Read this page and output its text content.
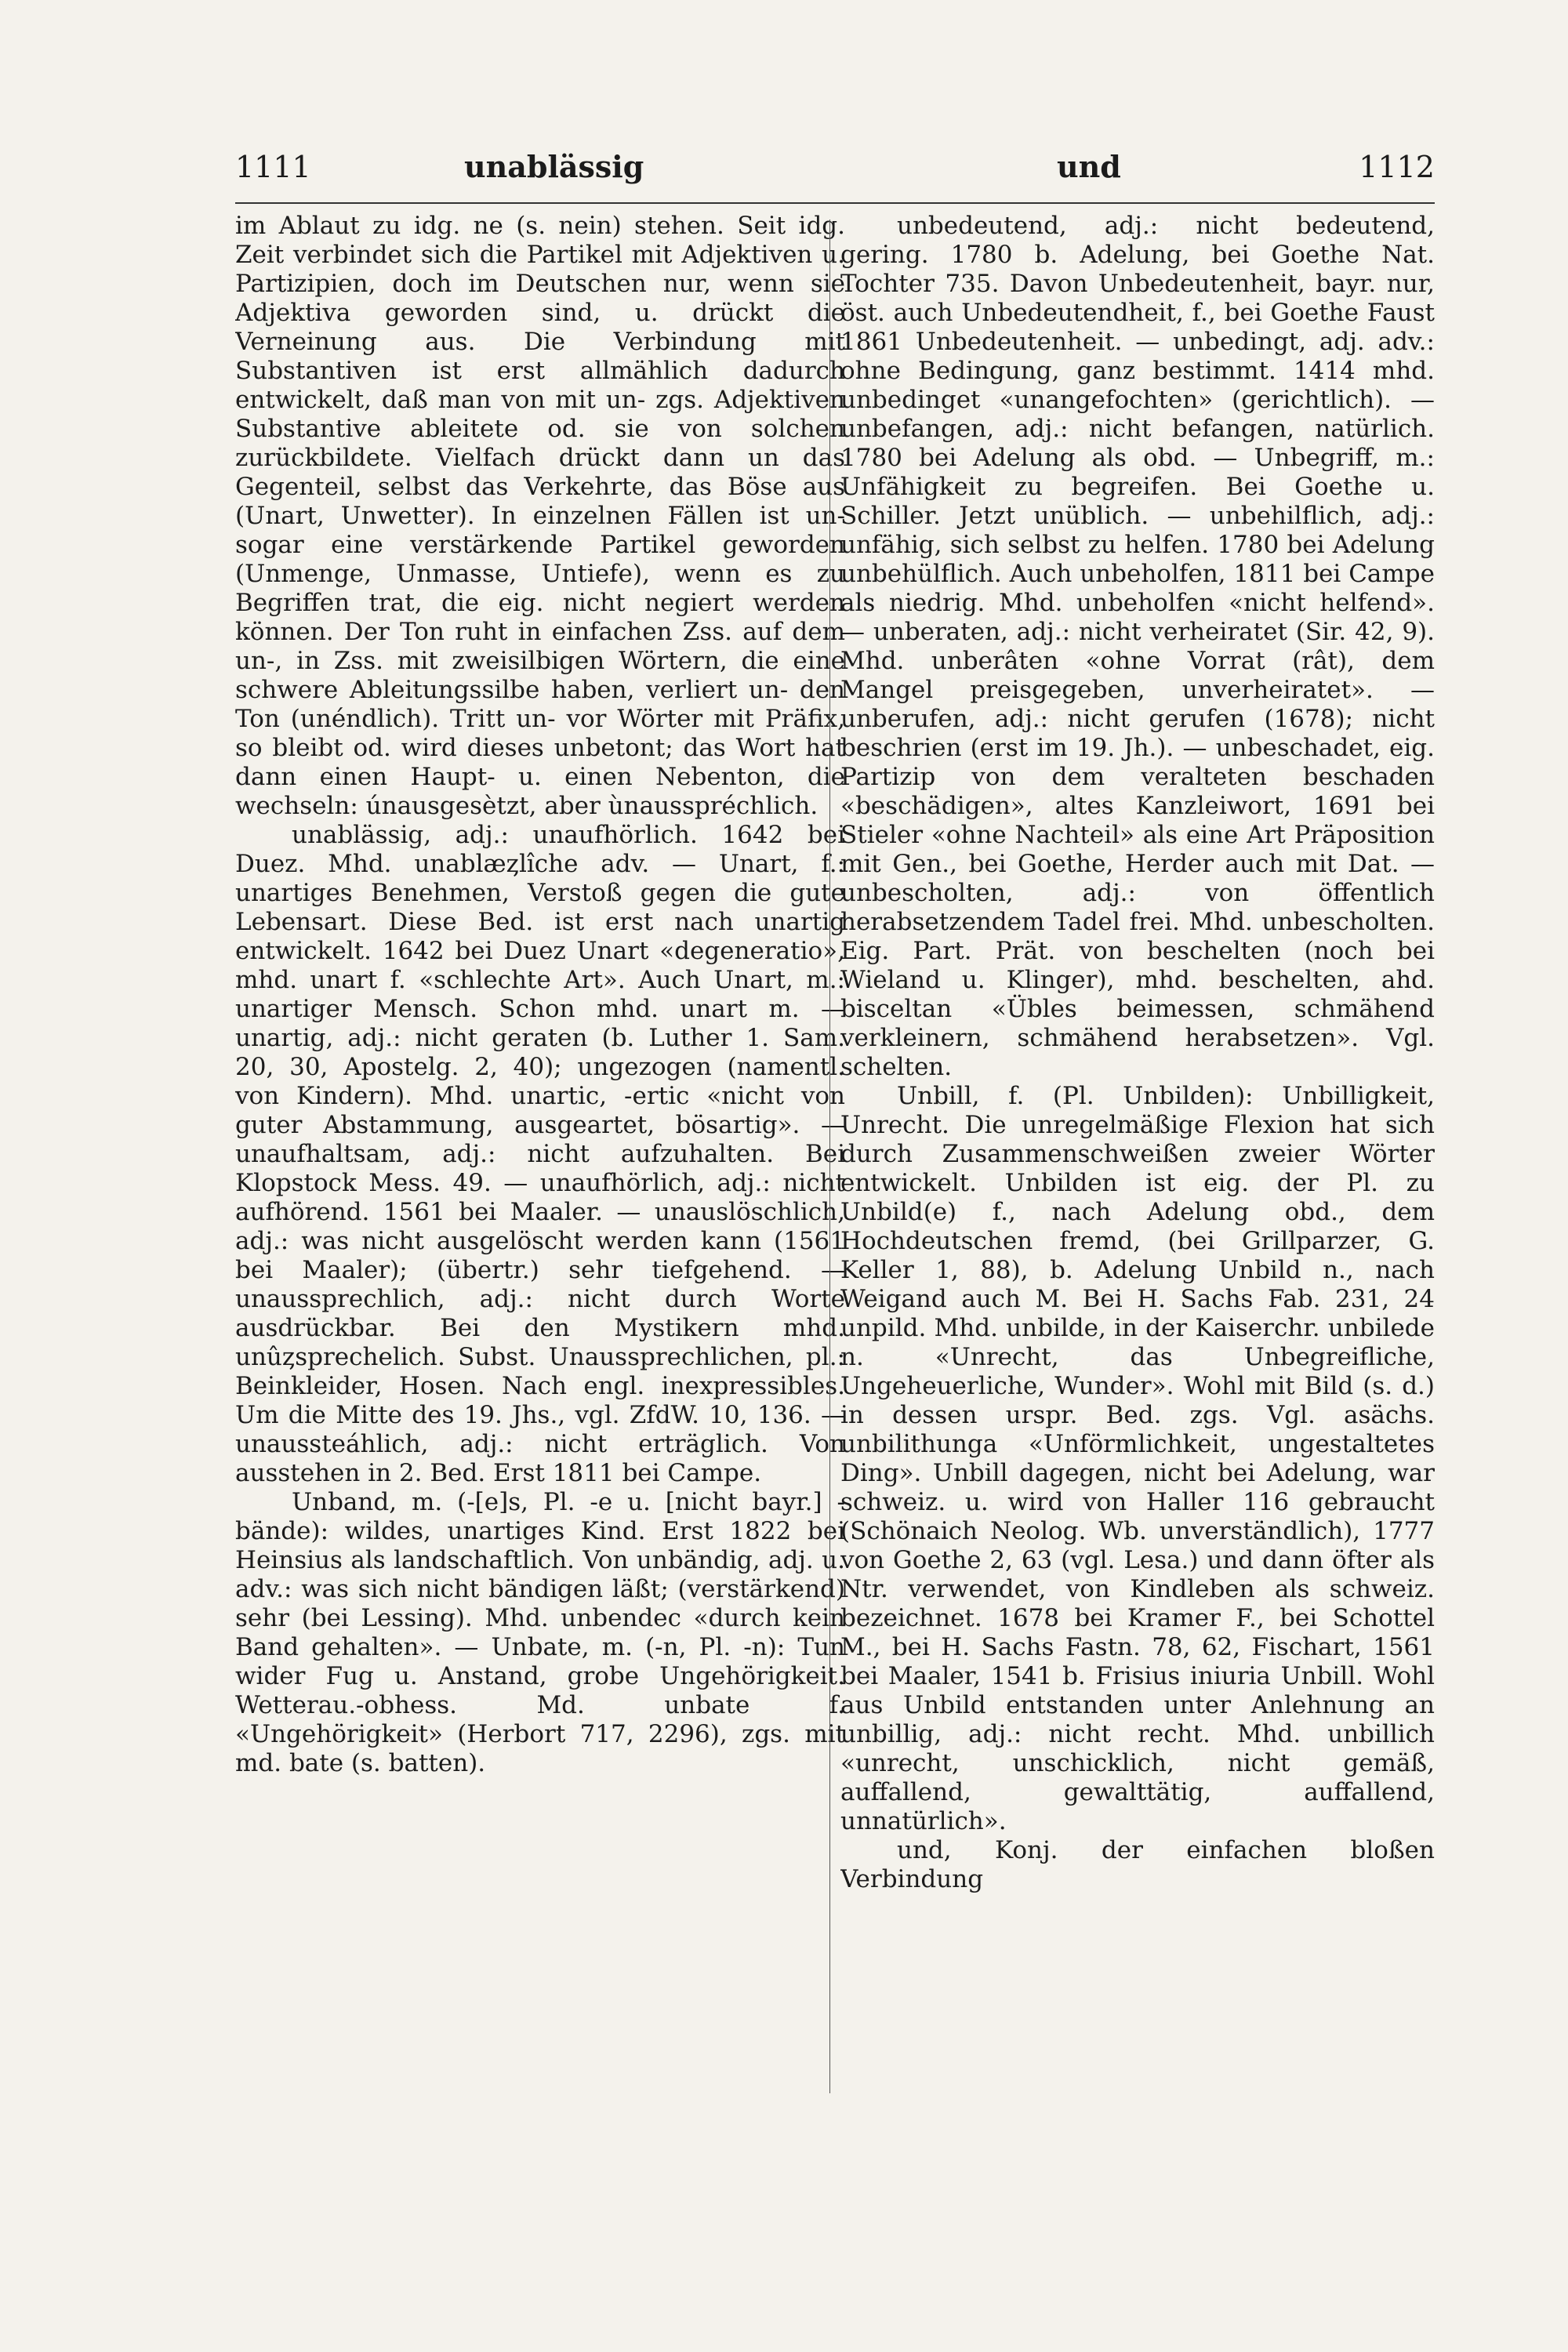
1111	unablässig	und	1112

im Ablaut zu idg. ne (s. nein) stehen. Seit idg. Zeit verbindet sich die Partikel mit Adjektiven u. Partizipien, doch im Deutschen nur, wenn sie Adjektiva geworden sind, u. drückt die Verneinung aus. Die Verbindung mit Substantiven ist erst allmählich dadurch entwickelt, daß man von mit un- zgs. Adjektiven Substantive ableitete od. sie von solchen zurückbildete. Vielfach drückt dann un das Gegenteil, selbst das Verkehrte, das Böse aus (Unart, Unwetter). In einzelnen Fällen ist un- sogar eine verstärkende Partikel geworden (Unmenge, Unmasse, Untiefe), wenn es zu Begriffen trat, die eig. nicht negiert werden können. Der Ton ruht in einfachen Zss. auf dem un-, in Zss. mit zweisilbigen Wörtern, die eine schwere Ableitungssilbe haben, verliert un- den Ton (unéndlich). Tritt un- vor Wörter mit Präfix, so bleibt od. wird dieses unbetont; das Wort hat dann einen Haupt- u. einen Nebenton, die wechseln: únausgesètzt, aber ùnausspréchlich.

unablässig, adj.: unaufhörlich. 1642 bei Duez. Mhd. unablæȥlîche adv. — Unart, f.: unartiges Benehmen, Verstoß gegen die gute Lebensart. Diese Bed. ist erst nach unartig entwickelt. 1642 bei Duez Unart «degeneratio», mhd. unart f. «schlechte Art». Auch Unart, m.: unartiger Mensch. Schon mhd. unart m. — unartig, adj.: nicht geraten (b. Luther 1. Sam. 20, 30, Apostelg. 2, 40); ungezogen (namentl. von Kindern). Mhd. unartic, -ertic «nicht von guter Abstammung, ausgeartet, bösartig». — unaufhaltsam, adj.: nicht aufzuhalten. Bei Klopstock Mess. 49. — unaufhörlich, adj.: nicht aufhörend. 1561 bei Maaler. — unauslöschlich, adj.: was nicht ausgelöscht werden kann (1561 bei Maaler); (übertr.) sehr tiefgehend. — unaussprechlich, adj.: nicht durch Worte ausdrückbar. Bei den Mystikern mhd. unûȥsprechelich. Subst. Unaussprechlichen, pl.: Beinkleider, Hosen. Nach engl. inexpressibles. Um die Mitte des 19. Jhs., vgl. ZfdW. 10, 136. — unaussteáhlich, adj.: nicht erträglich. Von ausstehen in 2. Bed. Erst 1811 bei Campe.

Unband, m. (-[e]s, Pl. -e u. [nicht bayr.] -bände): wildes, unartiges Kind. Erst 1822 bei Heinsius als landschaftlich. Von unbändig, adj. u. adv.: was sich nicht bändigen läßt; (verstärkend) sehr (bei Lessing). Mhd. unbendec «durch kein Band gehalten». — Unbate, m. (-n, Pl. -n): Tun wider Fug u. Anstand, grobe Ungehörigkeit. Wetterau.-obhess. Md. unbate f. «Ungehörigkeit» (Herbort 717, 2296), zgs. mit md. bate (s. batten).

unbedeutend, adj.: nicht bedeutend, gering. 1780 b. Adelung, bei Goethe Nat. Tochter 735. Davon Unbedeutenheit, bayr. nur, öst. auch Unbedeutendheit, f., bei Goethe Faust 1861 Unbedeutenheit. — unbedingt, adj. adv.: ohne Bedingung, ganz bestimmt. 1414 mhd. unbedinget «unangefochten» (gerichtlich). — unbefangen, adj.: nicht befangen, natürlich. 1780 bei Adelung als obd. — Unbegriff, m.: Unfähigkeit zu begreifen. Bei Goethe u. Schiller. Jetzt unüblich. — unbehilflich, adj.: unfähig, sich selbst zu helfen. 1780 bei Adelung unbehülflich. Auch unbeholfen, 1811 bei Campe als niedrig. Mhd. unbeholfen «nicht helfend». — unberaten, adj.: nicht verheiratet (Sir. 42, 9). Mhd. unberâten «ohne Vorrat (rât), dem Mangel preisgegeben, unverheiratet». — unberufen, adj.: nicht gerufen (1678); nicht beschrien (erst im 19. Jh.). — unbeschadet, eig. Partizip von dem veralteten beschaden «beschädigen», altes Kanzleiwort, 1691 bei Stieler «ohne Nachteil» als eine Art Präposition mit Gen., bei Goethe, Herder auch mit Dat. — unbescholten, adj.: von öffentlich herabsetzendem Tadel frei. Mhd. unbescholten. Eig. Part. Prät. von beschelten (noch bei Wieland u. Klinger), mhd. beschelten, ahd. bisceltan «Übles beimessen, schmähend verkleinern, schmähend herabsetzen». Vgl. schelten.

Unbill, f. (Pl. Unbilden): Unbilligkeit, Unrecht. Die unregelmäßige Flexion hat sich durch Zusammenschweißen zweier Wörter entwickelt. Unbilden ist eig. der Pl. zu Unbild(e) f., nach Adelung obd., dem Hochdeutschen fremd, (bei Grillparzer, G. Keller 1, 88), b. Adelung Unbild n., nach Weigand auch M. Bei H. Sachs Fab. 231, 24 unpild. Mhd. unbilde, in der Kaiserchr. unbilede n. «Unrecht, das Unbegreifliche, Ungeheuerliche, Wunder». Wohl mit Bild (s. d.) in dessen urspr. Bed. zgs. Vgl. asächs. unbilithunga «Unförmlichkeit, ungestaltetes Ding». Unbill dagegen, nicht bei Adelung, war schweiz. u. wird von Haller 116 gebraucht (Schönaich Neolog. Wb. unverständlich), 1777 von Goethe 2, 63 (vgl. Lesa.) und dann öfter als Ntr. verwendet, von Kindleben als schweiz. bezeichnet. 1678 bei Kramer F., bei Schottel M., bei H. Sachs Fastn. 78, 62, Fischart, 1561 bei Maaler, 1541 b. Frisius iniuria Unbill. Wohl aus Unbild entstanden unter Anlehnung an unbillig, adj.: nicht recht. Mhd. unbillich «unrecht, unschicklich, nicht gemäß, auffallend, gewalttätig, auffallend, unnatürlich».

und, Konj. der einfachen bloßen Verbindung
